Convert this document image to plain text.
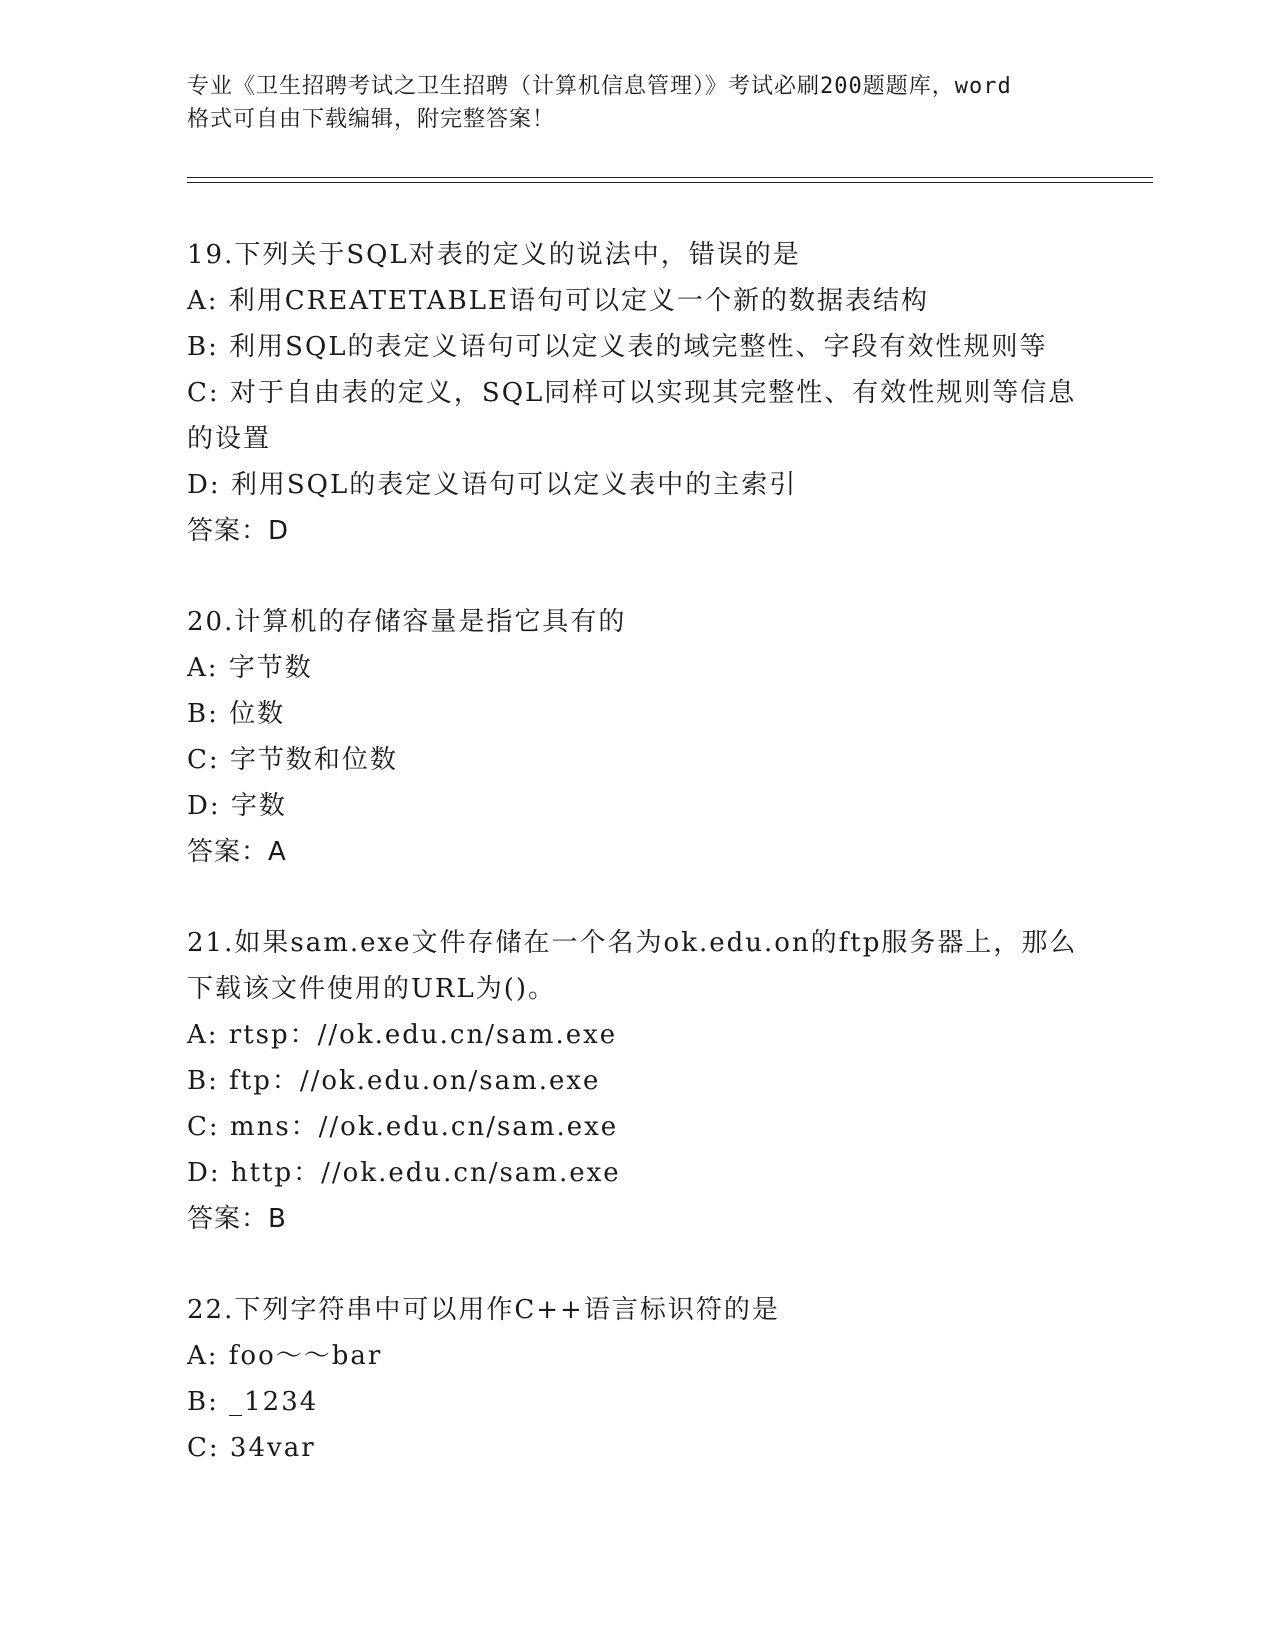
专业《卫生招聘考试之卫生招聘（计算机信息管理）》考试必刷200题题库，word
格式可自由下载编辑，附完整答案！
19.下列关于SQL对表的定义的说法中，错误的是
A: 利用CREATETABLE语句可以定义一个新的数据表结构
B: 利用SQL的表定义语句可以定义表的域完整性、字段有效性规则等
C: 对于自由表的定义，SQL同样可以实现其完整性、有效性规则等信息的设置
D: 利用SQL的表定义语句可以定义表中的主索引
答案：D
20.计算机的存储容量是指它具有的
A: 字节数
B: 位数
C: 字节数和位数
D: 字数
答案：A
21.如果sam.exe文件存储在一个名为ok.edu.on的ftp服务器上，那么下载该文件使用的URL为()。
A: rtsp：//ok.edu.cn/sam.exe
B: ftp：//ok.edu.on/sam.exe
C: mns：//ok.edu.cn/sam.exe
D: http：//ok.edu.cn/sam.exe
答案：B
22.下列字符串中可以用作C++语言标识符的是
A: foo～～bar
B: _1234
C: 34var
